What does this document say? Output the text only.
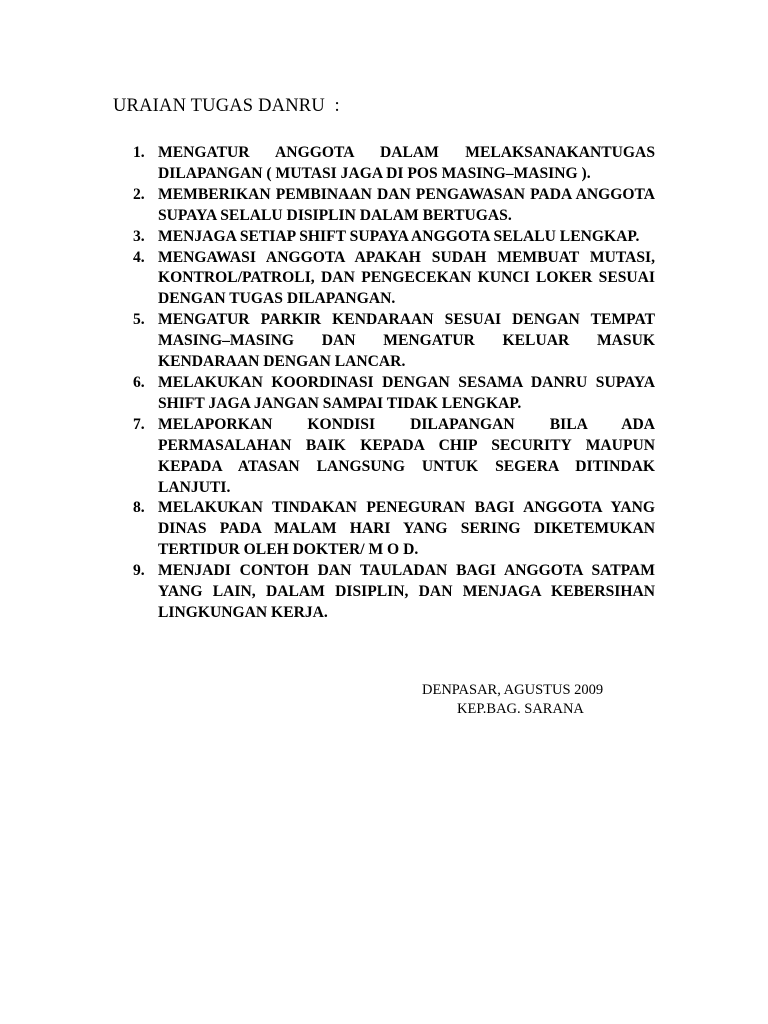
URAIAN TUGAS DANRU  :
1. MENGATUR ANGGOTA DALAM MELAKSANAKANTUGAS DILAPANGAN ( MUTASI JAGA DI POS MASING–MASING ).
2. MEMBERIKAN PEMBINAAN DAN PENGAWASAN PADA ANGGOTA SUPAYA SELALU DISIPLIN DALAM BERTUGAS.
3. MENJAGA SETIAP SHIFT SUPAYA ANGGOTA SELALU LENGKAP.
4. MENGAWASI ANGGOTA APAKAH SUDAH MEMBUAT MUTASI, KONTROL/PATROLI, DAN PENGECEKAN KUNCI LOKER SESUAI DENGAN TUGAS DILAPANGAN.
5. MENGATUR PARKIR KENDARAAN SESUAI DENGAN TEMPAT MASING–MASING DAN MENGATUR KELUAR MASUK KENDARAAN DENGAN LANCAR.
6. MELAKUKAN KOORDINASI DENGAN SESAMA DANRU SUPAYA SHIFT JAGA JANGAN SAMPAI TIDAK LENGKAP.
7. MELAPORKAN KONDISI DILAPANGAN BILA ADA PERMASALAHAN BAIK KEPADA CHIP SECURITY MAUPUN KEPADA ATASAN LANGSUNG UNTUK SEGERA DITINDAK LANJUTI.
8. MELAKUKAN TINDAKAN PENEGURAN BAGI ANGGOTA YANG DINAS PADA MALAM HARI YANG SERING DIKETEMUKAN TERTIDUR OLEH DOKTER/ M O D.
9. MENJADI CONTOH DAN TAULADAN BAGI ANGGOTA SATPAM YANG LAIN, DALAM DISIPLIN, DAN MENJAGA KEBERSIHAN LINGKUNGAN KERJA.
DENPASAR, AGUSTUS 2009
KEP.BAG. SARANA
